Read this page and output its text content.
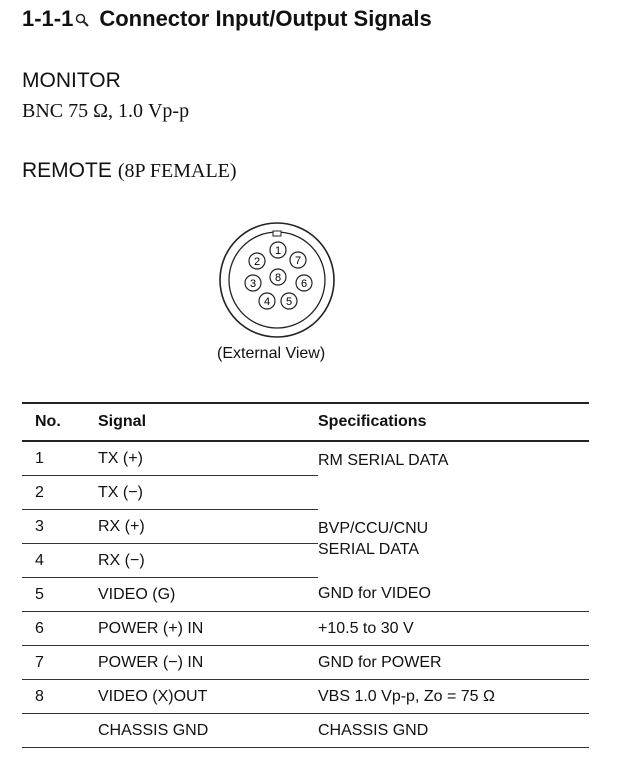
1-1-1 Connector Input/Output Signals
MONITOR
BNC 75 Ω, 1.0 Vp-p
REMOTE (8P FEMALE)
1
2
3
4 5
6
7
8
(External View)
No.	Signal	Specifications
1	TX (+)	RM SERIAL DATA
2	TX (−)	
3	RX (+)	BVP/CCU/CNU
SERIAL DATA

4	RX (−)	
5	VIDEO (G)	GND for VIDEO
6	POWER (+) IN	+10.5 to 30 V
7	POWER (−) IN	GND for POWER
8	VIDEO (X)OUT	VBS 1.0 Vp-p, Zo = 75 Ω
	CHASSIS GND	CHASSIS GND
